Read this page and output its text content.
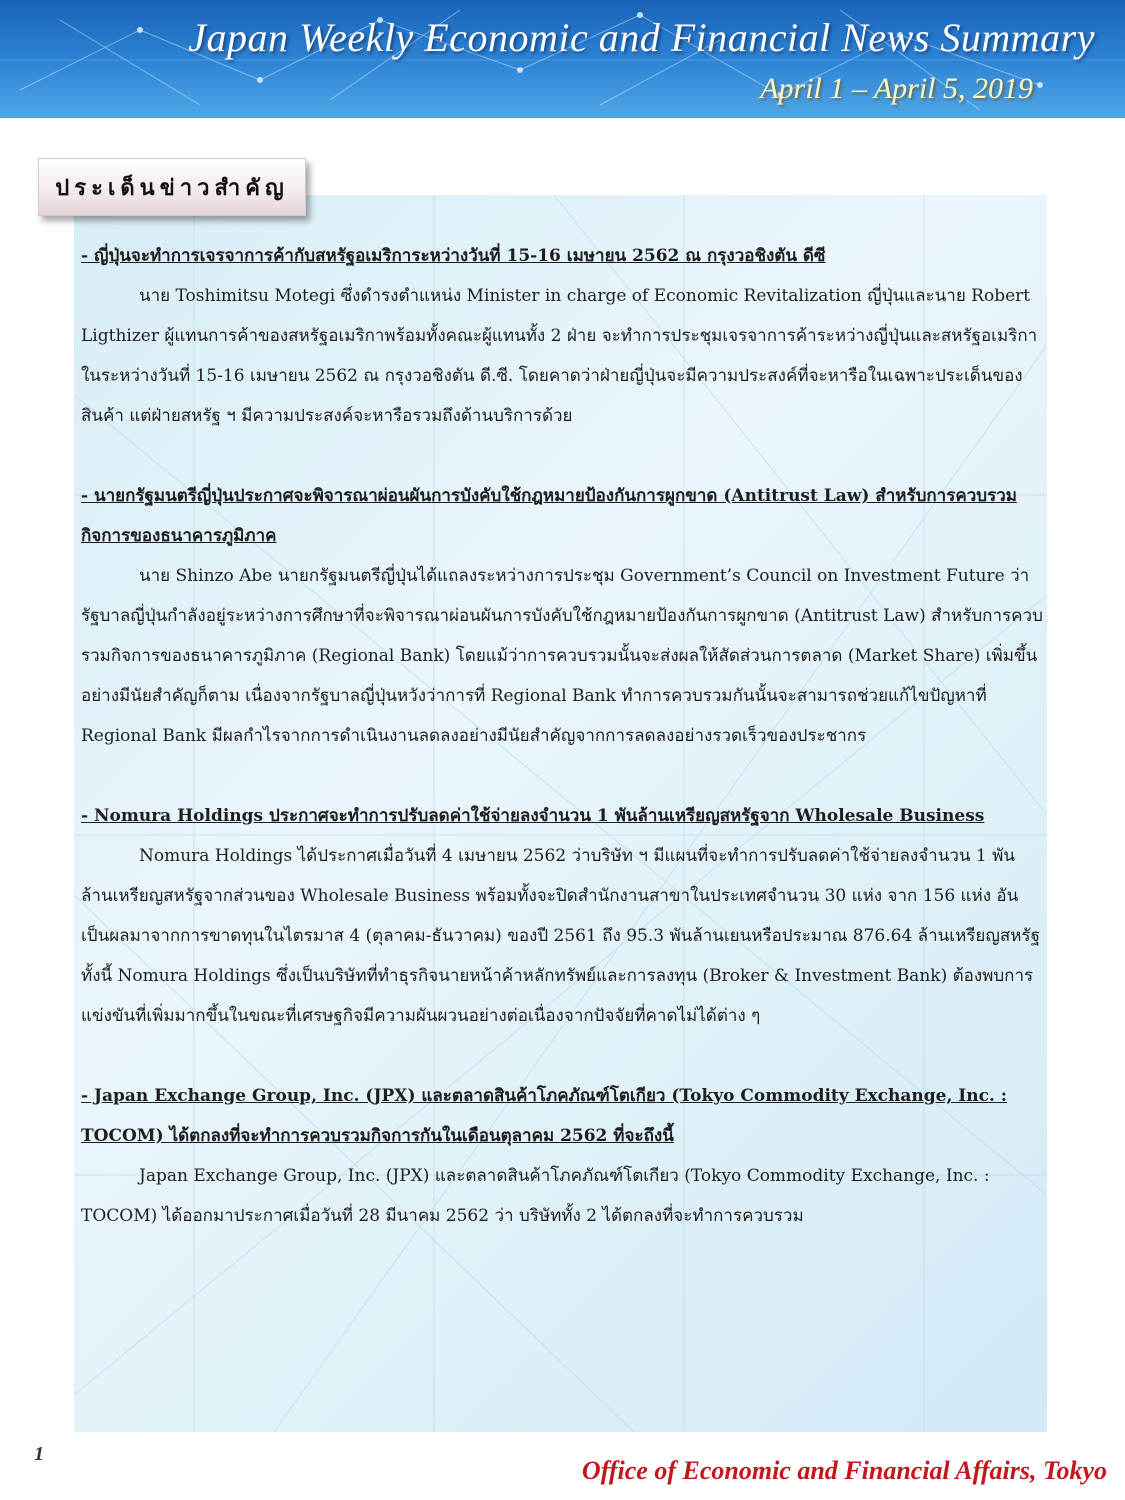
Japan Weekly Economic and Financial News Summary
April 1 – April 5, 2019
ประเด็นข่าวสำคัญ
- ญี่ปุ่นจะทำการเจรจาการค้ากับสหรัฐอเมริการะหว่างวันที่ 15-16 เมษายน 2562 ณ กรุงวอชิงตัน ดีซี
นาย Toshimitsu Motegi ซึ่งดำรงตำแหน่ง Minister in charge of Economic Revitalization ญี่ปุ่นและนาย Robert Ligthizer ผู้แทนการค้าของสหรัฐอเมริกาพร้อมทั้งคณะผู้แทนทั้ง 2 ฝ่าย จะทำการประชุมเจรจาการค้าระหว่างญี่ปุ่นและสหรัฐอเมริกา ในระหว่างวันที่ 15-16 เมษายน 2562 ณ กรุงวอชิงตัน ดี.ซี. โดยคาดว่าฝ่ายญี่ปุ่นจะมีความประสงค์ที่จะหารือในเฉพาะประเด็นของสินค้า แต่ฝ่ายสหรัฐ ฯ มีความประสงค์จะหารือรวมถึงด้านบริการด้วย
- นายกรัฐมนตรีญี่ปุ่นประกาศจะพิจารณาผ่อนผันการบังคับใช้กฎหมายป้องกันการผูกขาด (Antitrust Law) สำหรับการควบรวมกิจการของธนาคารภูมิภาค
นาย Shinzo Abe นายกรัฐมนตรีญี่ปุ่นได้แถลงระหว่างการประชุม Government’s Council on Investment Future ว่ารัฐบาลญี่ปุ่นกำลังอยู่ระหว่างการศึกษาที่จะพิจารณาผ่อนผันการบังคับใช้กฎหมายป้องกันการผูกขาด (Antitrust Law) สำหรับการควบรวมกิจการของธนาคารภูมิภาค (Regional Bank) โดยแม้ว่าการควบรวมนั้นจะส่งผลให้สัดส่วนการตลาด (Market Share) เพิ่มขึ้นอย่างมีนัยสำคัญก็ตาม เนื่องจากรัฐบาลญี่ปุ่นหวังว่าการที่ Regional Bank ทำการควบรวมกันนั้นจะสามารถช่วยแก้ไขปัญหาที่ Regional Bank มีผลกำไรจากการดำเนินงานลดลงอย่างมีนัยสำคัญจากการลดลงอย่างรวดเร็วของประชากร
- Nomura Holdings ประกาศจะทำการปรับลดค่าใช้จ่ายลงจำนวน 1 พันล้านเหรียญสหรัฐจาก Wholesale Business
Nomura Holdings ได้ประกาศเมื่อวันที่ 4 เมษายน 2562 ว่าบริษัท ฯ มีแผนที่จะทำการปรับลดค่าใช้จ่ายลงจำนวน 1 พันล้านเหรียญสหรัฐจากส่วนของ Wholesale Business พร้อมทั้งจะปิดสำนักงานสาขาในประเทศจำนวน 30 แห่ง จาก 156 แห่ง อันเป็นผลมาจากการขาดทุนในไตรมาส 4 (ตุลาคม-ธันวาคม) ของปี 2561 ถึง 95.3 พันล้านเยนหรือประมาณ 876.64 ล้านเหรียญสหรัฐ ทั้งนี้ Nomura Holdings ซึ่งเป็นบริษัทที่ทำธุรกิจนายหน้าค้าหลักทรัพย์และการลงทุน (Broker & Investment Bank) ต้องพบการแข่งขันที่เพิ่มมากขึ้นในขณะที่เศรษฐกิจมีความผันผวนอย่างต่อเนื่องจากปัจจัยที่คาดไม่ได้ต่าง ๆ
- Japan Exchange Group, Inc. (JPX) และตลาดสินค้าโภคภัณฑ์โตเกียว (Tokyo Commodity Exchange, Inc. : TOCOM) ได้ตกลงที่จะทำการควบรวมกิจการกันในเดือนตุลาคม 2562 ที่จะถึงนี้
Japan Exchange Group, Inc. (JPX) และตลาดสินค้าโภคภัณฑ์โตเกียว (Tokyo Commodity Exchange, Inc. : TOCOM) ได้ออกมาประกาศเมื่อวันที่ 28 มีนาคม 2562 ว่า บริษัททั้ง 2 ได้ตกลงที่จะทำการควบรวม
1
Office of Economic and Financial Affairs, Tokyo
